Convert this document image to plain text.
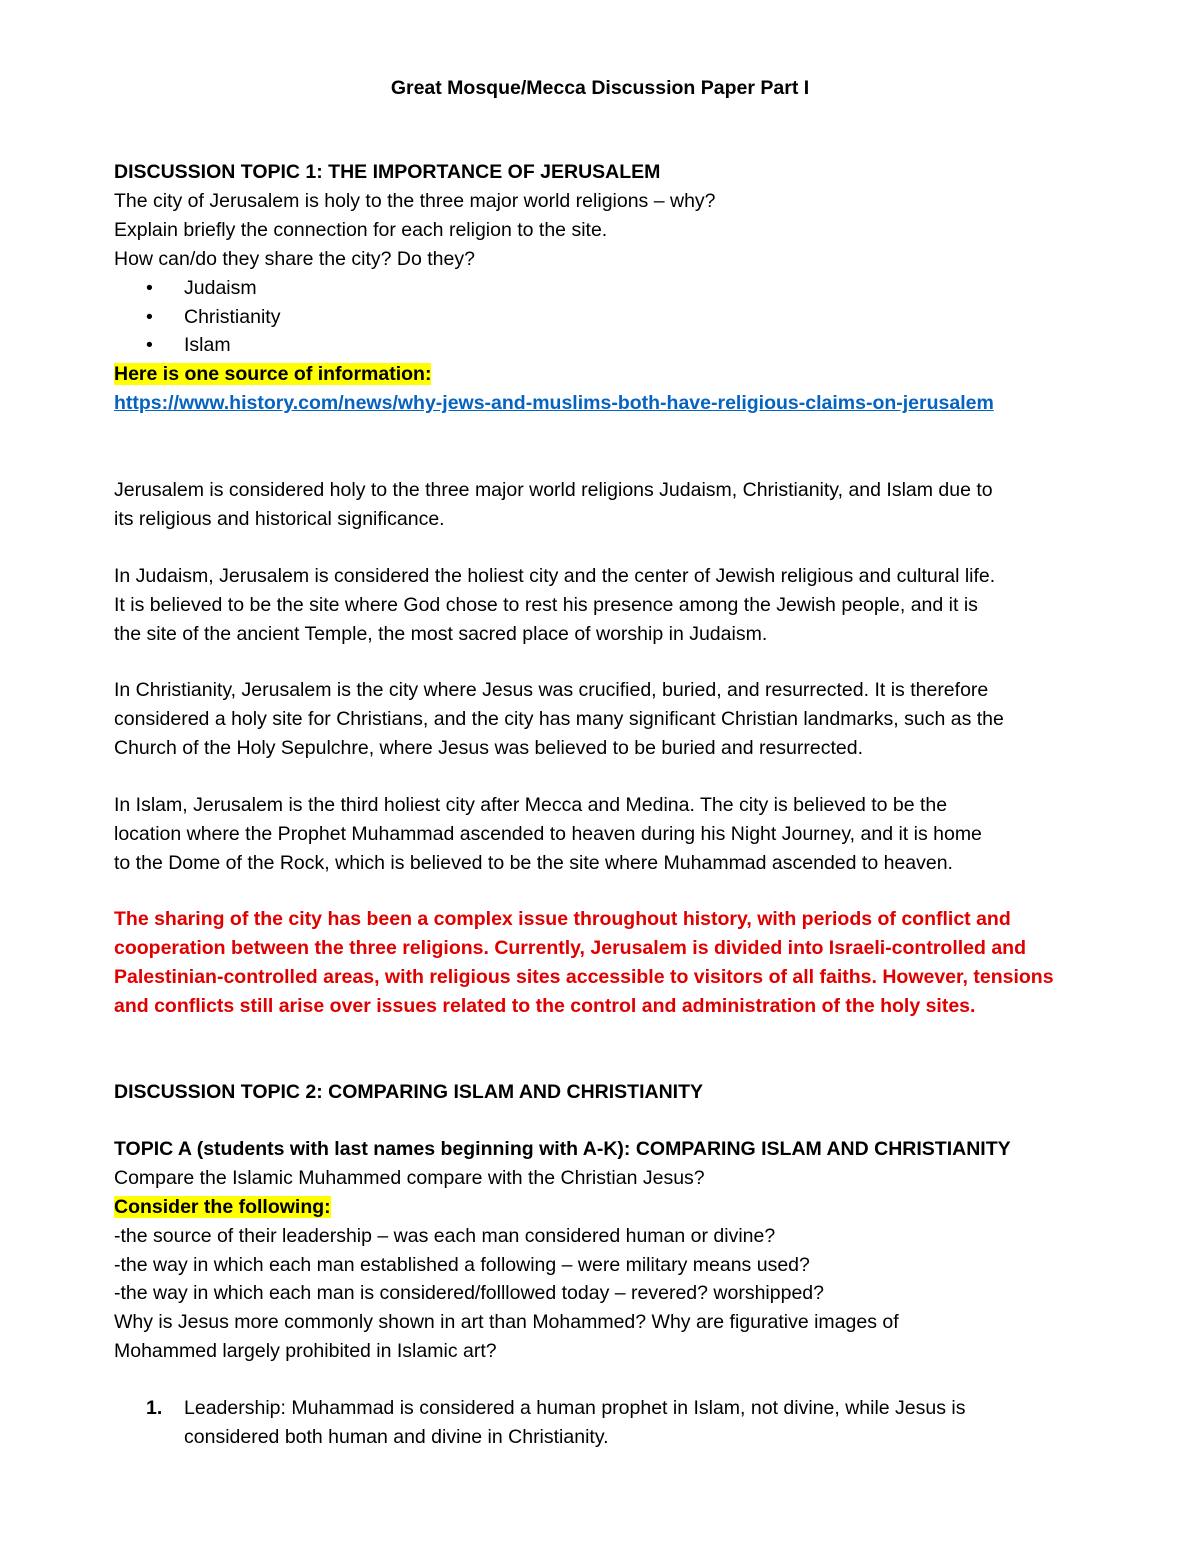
Great Mosque/Mecca Discussion Paper Part I
DISCUSSION TOPIC 1: THE IMPORTANCE OF JERUSALEM
The city of Jerusalem is holy to the three major world religions – why?
Explain briefly the connection for each religion to the site.
How can/do they share the city? Do they?
• Judaism
• Christianity
• Islam
Here is one source of information:
https://www.history.com/news/why-jews-and-muslims-both-have-religious-claims-on-jerusalem
Jerusalem is considered holy to the three major world religions Judaism, Christianity, and Islam due to
its religious and historical significance.
In Judaism, Jerusalem is considered the holiest city and the center of Jewish religious and cultural life.
It is believed to be the site where God chose to rest his presence among the Jewish people, and it is
the site of the ancient Temple, the most sacred place of worship in Judaism.
In Christianity, Jerusalem is the city where Jesus was crucified, buried, and resurrected. It is therefore
considered a holy site for Christians, and the city has many significant Christian landmarks, such as the
Church of the Holy Sepulchre, where Jesus was believed to be buried and resurrected.
In Islam, Jerusalem is the third holiest city after Mecca and Medina. The city is believed to be the
location where the Prophet Muhammad ascended to heaven during his Night Journey, and it is home
to the Dome of the Rock, which is believed to be the site where Muhammad ascended to heaven.
The sharing of the city has been a complex issue throughout history, with periods of conflict and
cooperation between the three religions. Currently, Jerusalem is divided into Israeli-controlled and
Palestinian-controlled areas, with religious sites accessible to visitors of all faiths. However, tensions
and conflicts still arise over issues related to the control and administration of the holy sites.
DISCUSSION TOPIC 2: COMPARING ISLAM AND CHRISTIANITY
TOPIC A (students with last names beginning with A-K): COMPARING ISLAM AND CHRISTIANITY
Compare the Islamic Muhammed compare with the Christian Jesus?
Consider the following:
-the source of their leadership – was each man considered human or divine?
-the way in which each man established a following – were military means used?
-the way in which each man is considered/folllowed today – revered? worshipped?
Why is Jesus more commonly shown in art than Mohammed? Why are figurative images of
Mohammed largely prohibited in Islamic art?
1. Leadership: Muhammad is considered a human prophet in Islam, not divine, while Jesus is
considered both human and divine in Christianity.
